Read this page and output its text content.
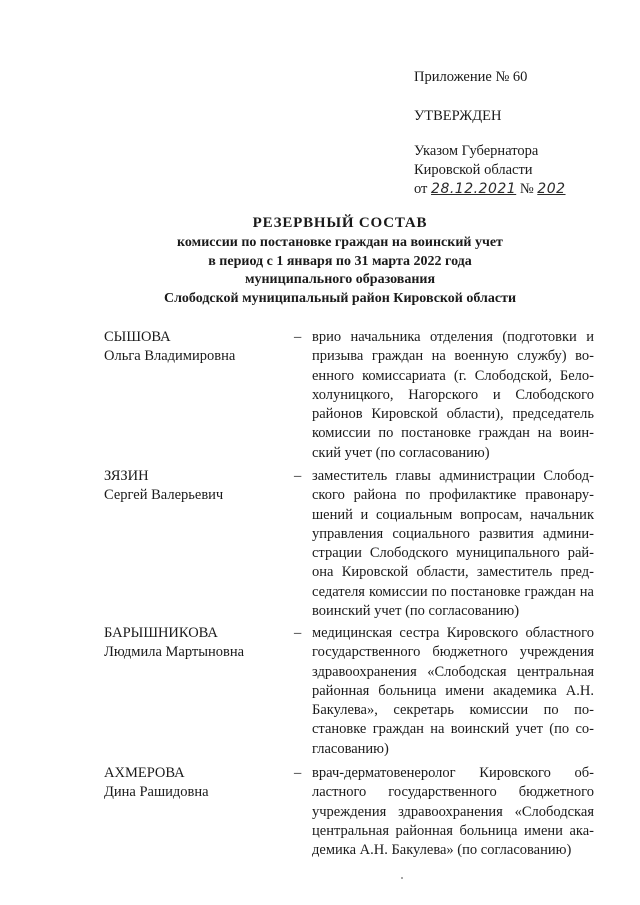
Приложение № 60
УТВЕРЖДЕН
Указом Губернатора
Кировской области
от 28.12.2021 № 202
РЕЗЕРВНЫЙ СОСТАВ
комиссии по постановке граждан на воинский учет
в период с 1 января по 31 марта 2022 года
муниципального образования
Слободской муниципальный район Кировской области
СЫШОВА
Ольга Владимировна
– врио начальника отделения (подготовки и призыва граждан на военную службу) военного комиссариата (г. Слободской, Белохолуницкого, Нагорского и Слободского районов Кировской области), председатель комиссии по постановке граждан на воинский учет (по согласованию)
ЗЯЗИН
Сергей Валерьевич
– заместитель главы администрации Слободского района по профилактике правонарушений и социальным вопросам, начальник управления социального развития администрации Слободского муниципального района Кировской области, заместитель председателя комиссии по постановке граждан на воинский учет (по согласованию)
БАРЫШНИКОВА
Людмила Мартыновна
– медицинская сестра Кировского областного государственного бюджетного учреждения здравоохранения «Слободская центральная районная больница имени академика А.Н. Бакулева», секретарь комиссии по постановке граждан на воинский учет (по согласованию)
АХМЕРОВА
Дина Рашидовна
– врач-дерматовенеролог Кировского областного государственного бюджетного учреждения здравоохранения «Слободская центральная районная больница имени академика А.Н. Бакулева» (по согласованию)
